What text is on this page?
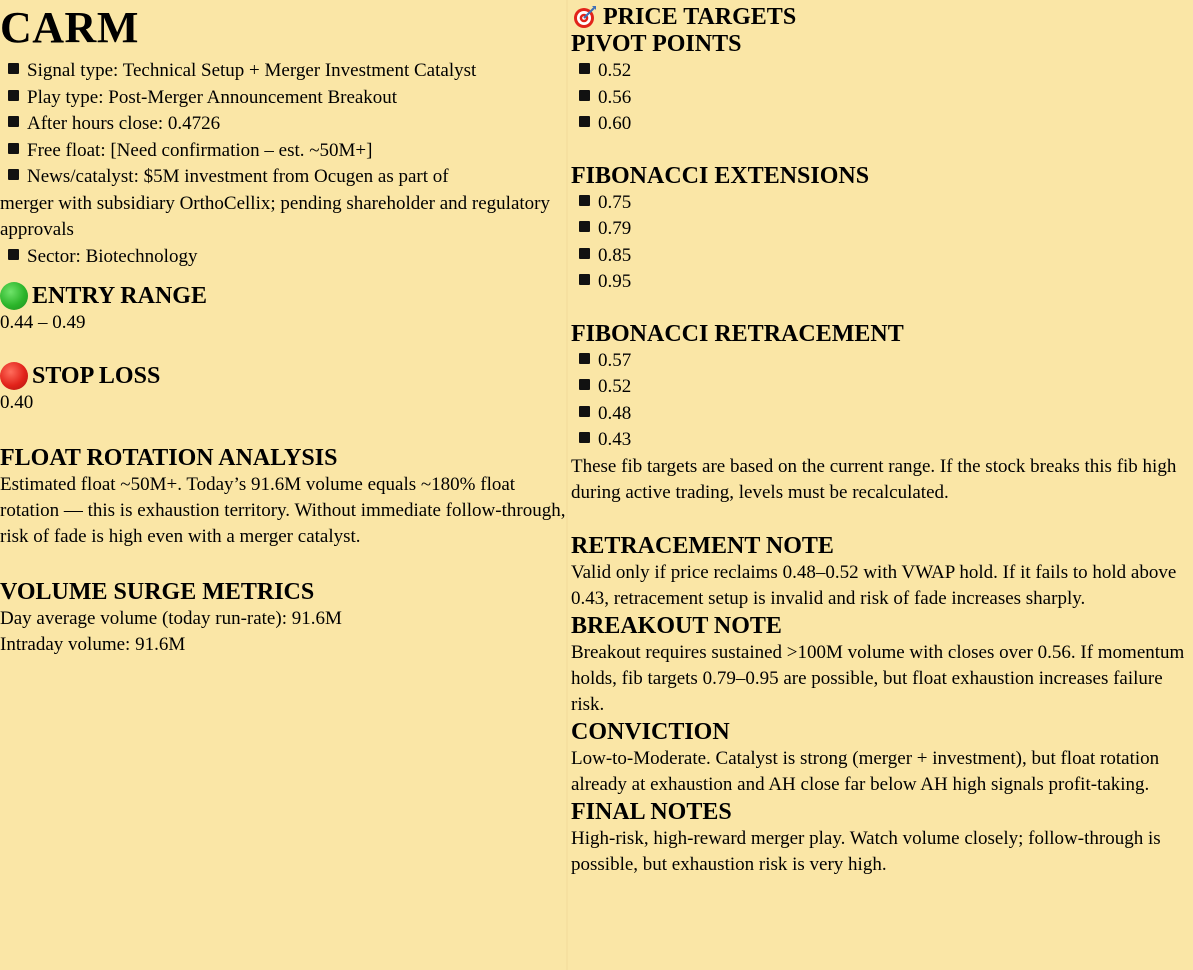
CARM
Signal type: Technical Setup + Merger Investment Catalyst
Play type: Post-Merger Announcement Breakout
After hours close: 0.4726
Free float: [Need confirmation – est. ~50M+]
News/catalyst: $5M investment from Ocugen as part of
merger with subsidiary OrthoCellix; pending shareholder and regulatory approvals
Sector: Biotechnology
ENTRY RANGE
0.44 – 0.49
STOP LOSS
0.40
FLOAT ROTATION ANALYSIS
Estimated float ~50M+. Today’s 91.6M volume equals ~180% float rotation — this is exhaustion territory. Without immediate follow-through, risk of fade is high even with a merger catalyst.
VOLUME SURGE METRICS
Day average volume (today run-rate): 91.6M
Intraday volume: 91.6M
PRICE TARGETS
PIVOT POINTS
0.52
0.56
0.60
FIBONACCI EXTENSIONS
0.75
0.79
0.85
0.95
FIBONACCI RETRACEMENT
0.57
0.52
0.48
0.43
These fib targets are based on the current range. If the stock breaks this fib high during active trading, levels must be recalculated.
RETRACEMENT NOTE
Valid only if price reclaims 0.48–0.52 with VWAP hold. If it fails to hold above 0.43, retracement setup is invalid and risk of fade increases sharply.
BREAKOUT NOTE
Breakout requires sustained >100M volume with closes over 0.56. If momentum holds, fib targets 0.79–0.95 are possible, but float exhaustion increases failure risk.
CONVICTION
Low-to-Moderate. Catalyst is strong (merger + investment), but float rotation already at exhaustion and AH close far below AH high signals profit-taking.
FINAL NOTES
High-risk, high-reward merger play. Watch volume closely; follow-through is possible, but exhaustion risk is very high.
